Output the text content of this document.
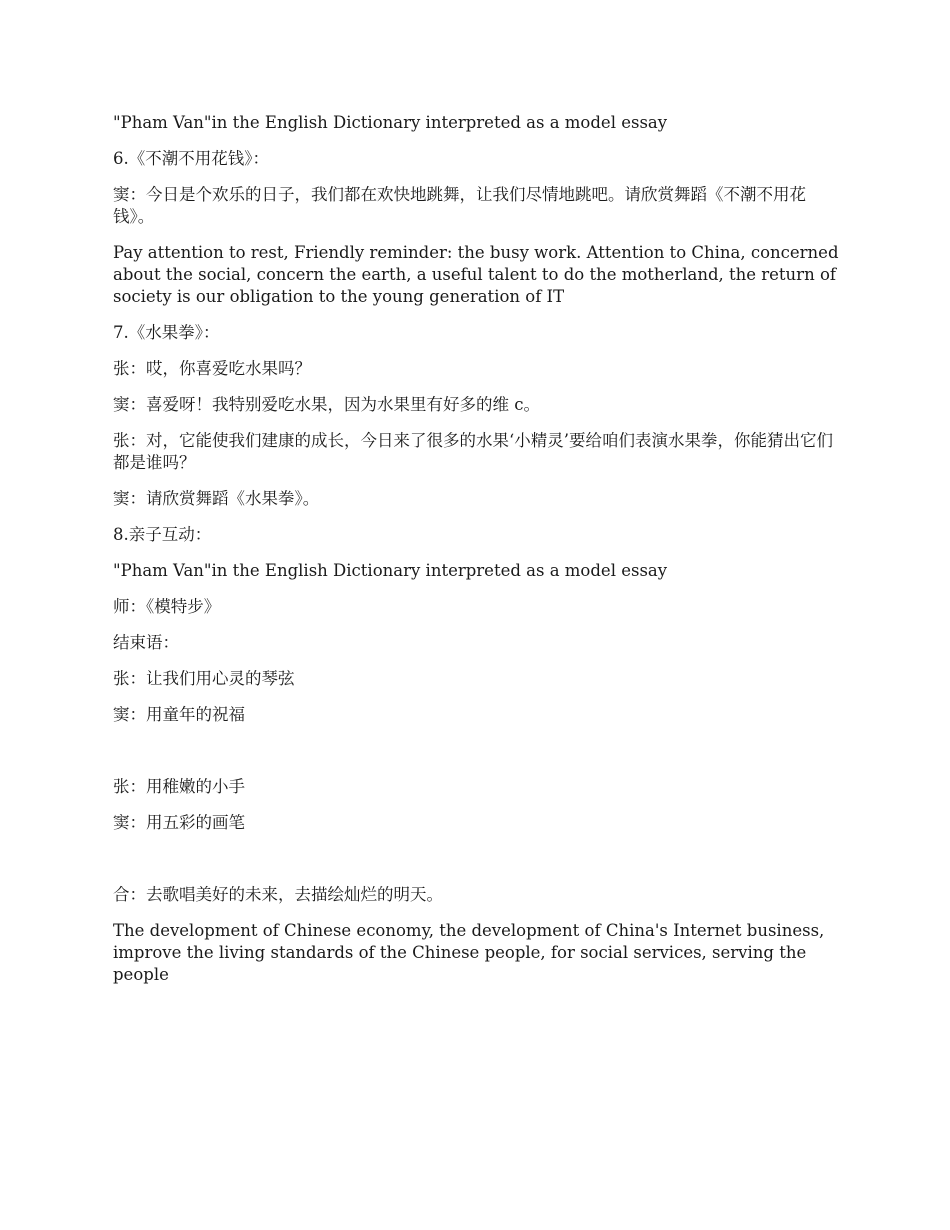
"Pham Van"in the English Dictionary interpreted as a model essay

6.《不潮不用花钱》：

窦：今日是个欢乐的日子，我们都在欢快地跳舞，让我们尽情地跳吧。请欣赏舞蹈《不潮不用花钱》。

Pay attention to rest, Friendly reminder: the busy work. Attention to China, concerned about the social, concern the earth, a useful talent to do the motherland, the return of society is our obligation to the young generation of IT

7.《水果拳》：

张：哎，你喜爱吃水果吗？

窦：喜爱呀！我特别爱吃水果，因为水果里有好多的维 c。

张：对，它能使我们建康的成长，今日来了很多的水果‘小精灵’要给咱们表演水果拳，你能猜出它们都是谁吗？

窦：请欣赏舞蹈《水果拳》。

8.亲子互动：

"Pham Van"in the English Dictionary interpreted as a model essay

师：《模特步》

结束语：

张：让我们用心灵的琴弦

窦：用童年的祝福

张：用稚嫩的小手

窦：用五彩的画笔

合：去歌唱美好的未来，去描绘灿烂的明天。

The development of Chinese economy, the development of China's Internet business, improve the living standards of the Chinese people, for social services, serving the people
